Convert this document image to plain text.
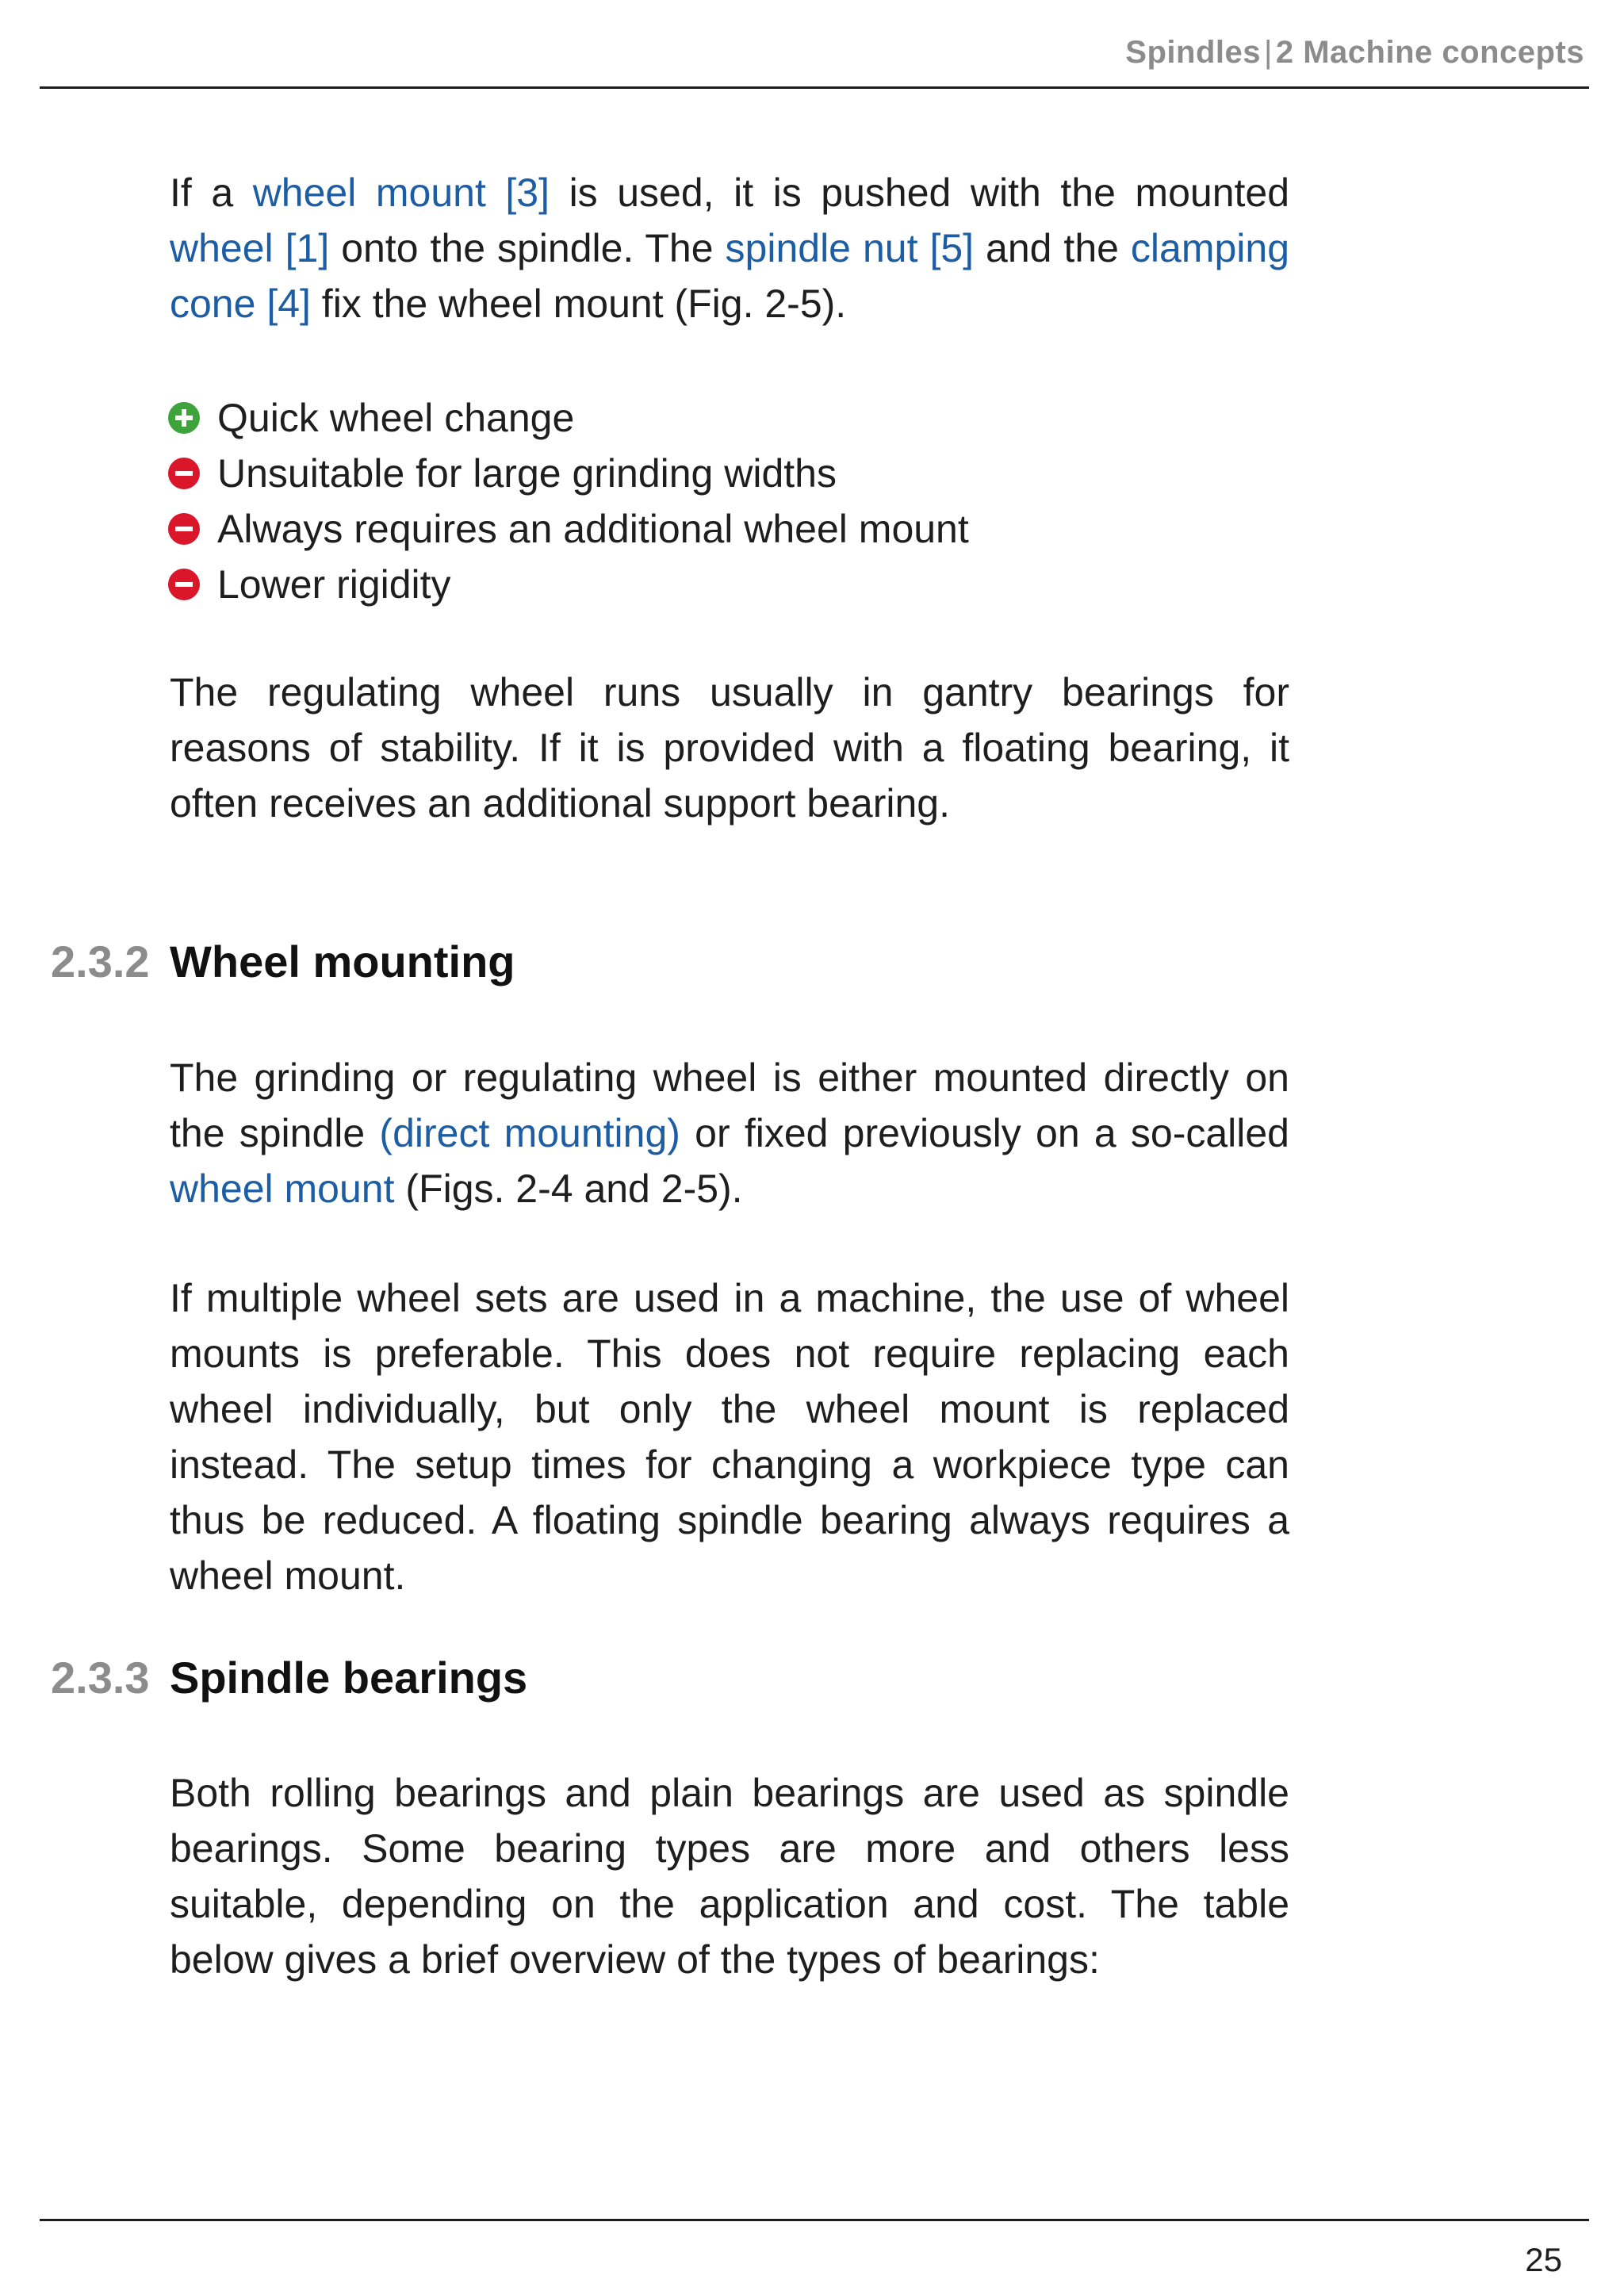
Spindles | 2 Machine concepts

If a wheel mount [3] is used, it is pushed with the mounted wheel [1] onto the spindle. The spindle nut [5] and the clamping cone [4] fix the wheel mount (Fig. 2-5).

Quick wheel change
Unsuitable for large grinding widths
Always requires an additional wheel mount
Lower rigidity

The regulating wheel runs usually in gantry bearings for reasons of stability. If it is provided with a floating bearing, it often receives an additional support bearing.

2.3.2 Wheel mounting

The grinding or regulating wheel is either mounted directly on the spindle (direct mounting) or fixed previously on a so-called wheel mount (Figs. 2-4 and 2-5).

If multiple wheel sets are used in a machine, the use of wheel mounts is preferable. This does not require replacing each wheel individually, but only the wheel mount is replaced instead. The setup times for changing a workpiece type can thus be reduced. A floating spindle bearing always requires a wheel mount.

2.3.3 Spindle bearings

Both rolling bearings and plain bearings are used as spindle bearings. Some bearing types are more and others less suitable, depending on the application and cost. The table below gives a brief overview of the types of bearings:

25
